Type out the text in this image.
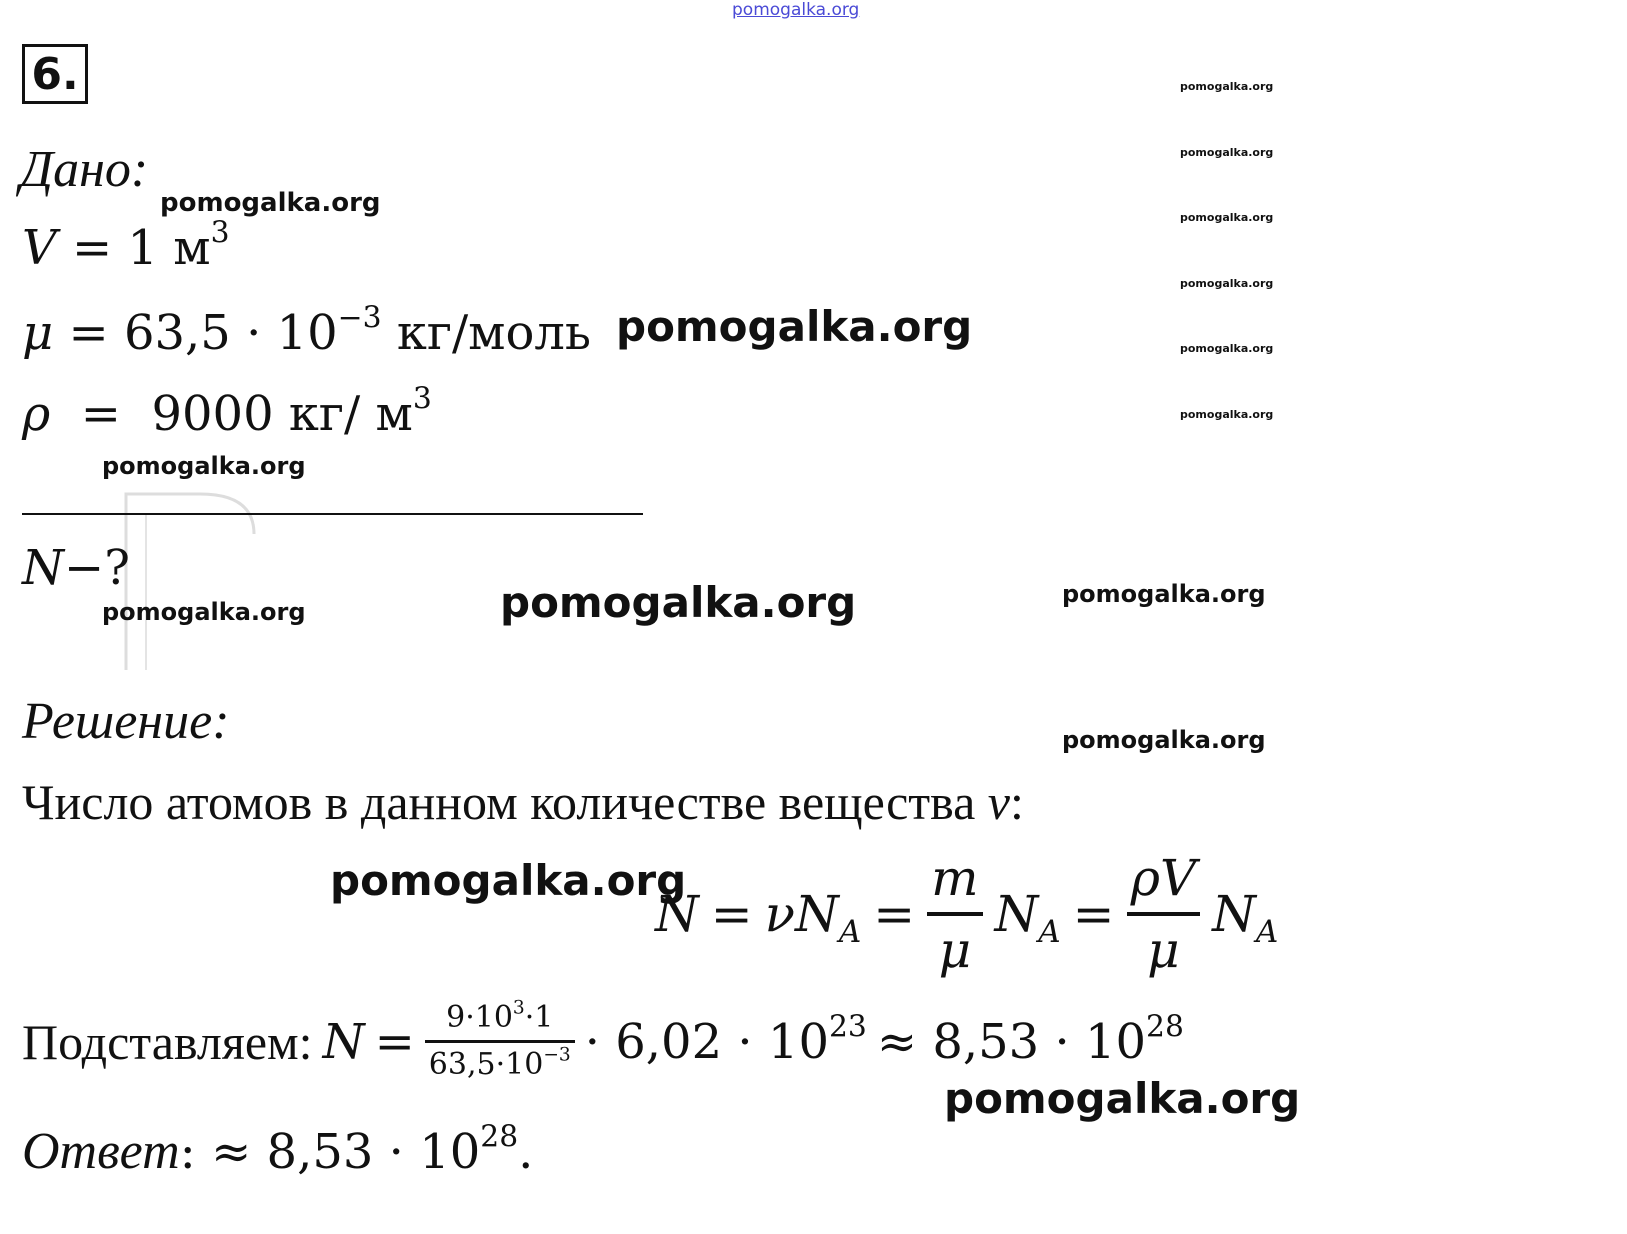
pomogalka.org
6.	pomogalka.org
pomogalka.org
pomogalka.org
pomogalka.org
pomogalka.org
pomogalka.org
Дано:
pomogalka.org
V = 1 $м^3$
$\mu = 63,5 \cdot 10^{-3}$ кг/моль pomogalka.org
ρ = 9000 кг/ $м^3$
pomogalka.org
N−?
pomogalka.org	pomogalka.org	pomogalka.org
Решение:	pomogalka.org
Число атомов в данном количестве вещества ν:
pomogalka.org
$N = \nu N_A = \frac{m}{\mu} N_A = \frac{\rho V}{\mu} N_A$
Подставляем: $N = \frac{9\cdot 10^3\cdot 1}{63,5\cdot 10^{-3}} \cdot 6,02 \cdot 10^{23} \approx 8,53 \cdot 10^{28}$
pomogalka.org
Ответ: ≈ $8,53 \cdot 10^{28}$.
